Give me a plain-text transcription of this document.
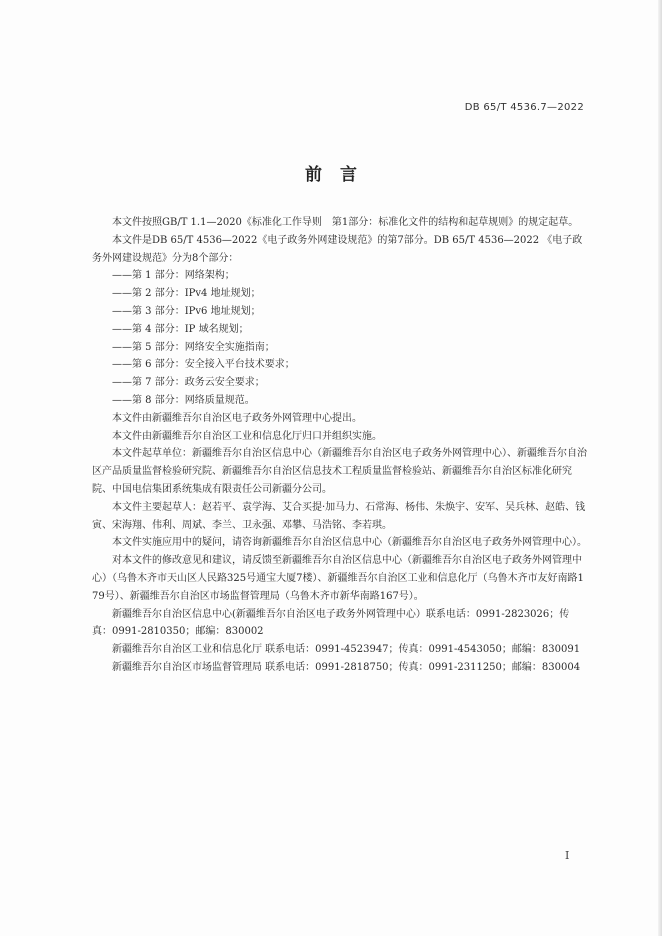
DB 65/T 4536.7—2022
前言

本文件按照GB/T 1.1—2020《标准化工作导则　第1部分：标准化文件的结构和起草规则》的规定起草。

本文件是DB 65/T 4536—2022《电子政务外网建设规范》的第7部分。DB 65/T 4536—2022 《电子政务外网建设规范》分为8个部分：

——第 1 部分：网络架构；

——第 2 部分：IPv4 地址规划；

——第 3 部分：IPv6 地址规划；

——第 4 部分：IP 域名规划；

——第 5 部分：网络安全实施指南；

——第 6 部分：安全接入平台技术要求；

——第 7 部分：政务云安全要求；

——第 8 部分：网络质量规范。

本文件由新疆维吾尔自治区电子政务外网管理中心提出。

本文件由新疆维吾尔自治区工业和信息化厅归口并组织实施。

本文件起草单位：新疆维吾尔自治区信息中心（新疆维吾尔自治区电子政务外网管理中心）、新疆维吾尔自治区产品质量监督检验研究院、新疆维吾尔自治区信息技术工程质量监督检验站、新疆维吾尔自治区标准化研究院、中国电信集团系统集成有限责任公司新疆分公司。

本文件主要起草人：赵若平、袁学海、艾合买提·加马力、石常海、杨伟、朱焕宇、安军、吴兵林、赵皓、钱寅、宋海翔、伟利、周斌、李兰、卫永强、邓攀、马浩铭、李若琪。

本文件实施应用中的疑问，请咨询新疆维吾尔自治区信息中心（新疆维吾尔自治区电子政务外网管理中心）。

对本文件的修改意见和建议，请反馈至新疆维吾尔自治区信息中心（新疆维吾尔自治区电子政务外网管理中心）（乌鲁木齐市天山区人民路325号通宝大厦7楼）、新疆维吾尔自治区工业和信息化厅（乌鲁木齐市友好南路179号）、新疆维吾尔自治区市场监督管理局（乌鲁木齐市新华南路167号）。

新疆维吾尔自治区信息中心(新疆维吾尔自治区电子政务外网管理中心）联系电话：0991-2823026；传真：0991-2810350；邮编：830002

新疆维吾尔自治区工业和信息化厅 联系电话：0991-4523947；传真：0991-4543050；邮编：830091

新疆维吾尔自治区市场监督管理局 联系电话：0991-2818750；传真：0991-2311250；邮编：830004

I
